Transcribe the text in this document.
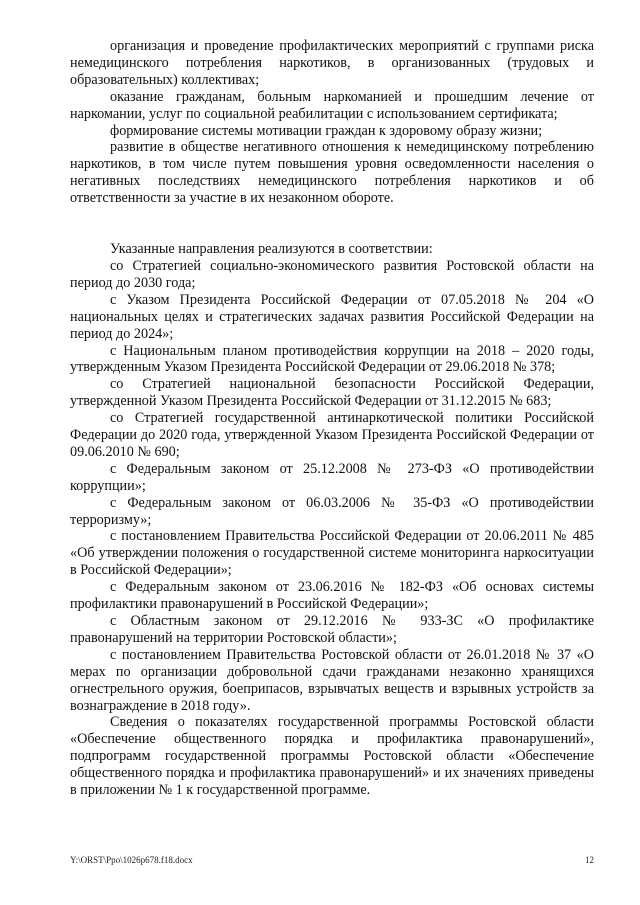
организация и проведение профилактических мероприятий с группами риска немедицинского потребления наркотиков, в организованных (трудовых и образовательных) коллективах;

оказание гражданам, больным наркоманией и прошедшим лечение от наркомании, услуг по социальной реабилитации с использованием сертификата;

формирование системы мотивации граждан к здоровому образу жизни;

развитие в обществе негативного отношения к немедицинскому потреблению наркотиков, в том числе путем повышения уровня осведомленности населения о негативных последствиях немедицинского потребления наркотиков и об ответственности за участие в их незаконном обороте.

Указанные направления реализуются в соответствии:

со Стратегией социально-экономического развития Ростовской области на период до 2030 года;

с Указом Президента Российской Федерации от 07.05.2018 № 204 «О национальных целях и стратегических задачах развития Российской Федерации на период до 2024»;

с Национальным планом противодействия коррупции на 2018 – 2020 годы, утвержденным Указом Президента Российской Федерации от 29.06.2018 № 378;

со Стратегией национальной безопасности Российской Федерации, утвержденной Указом Президента Российской Федерации от 31.12.2015 № 683;

со Стратегией государственной антинаркотической политики Российской Федерации до 2020 года, утвержденной Указом Президента Российской Федерации от 09.06.2010 № 690;

с Федеральным законом от 25.12.2008 № 273-ФЗ «О противодействии коррупции»;

с Федеральным законом от 06.03.2006 № 35-ФЗ «О противодействии терроризму»;

с постановлением Правительства Российской Федерации от 20.06.2011 № 485 «Об утверждении положения о государственной системе мониторинга наркоситуации в Российской Федерации»;

с Федеральным законом от 23.06.2016 № 182-ФЗ «Об основах системы профилактики правонарушений в Российской Федерации»;

с Областным законом от 29.12.2016 № 933-ЗС «О профилактике правонарушений на территории Ростовской области»;

с постановлением Правительства Ростовской области от 26.01.2018 № 37 «О мерах по организации добровольной сдачи гражданами незаконно хранящихся огнестрельного оружия, боеприпасов, взрывчатых веществ и взрывных устройств за вознаграждение в 2018 году».

Сведения о показателях государственной программы Ростовской области «Обеспечение общественного порядка и профилактика правонарушений», подпрограмм государственной программы Ростовской области «Обеспечение общественного порядка и профилактика правонарушений» и их значениях приведены в приложении № 1 к государственной программе.

Y:\ORST\Ppo\1026p678.f18.docx	12
